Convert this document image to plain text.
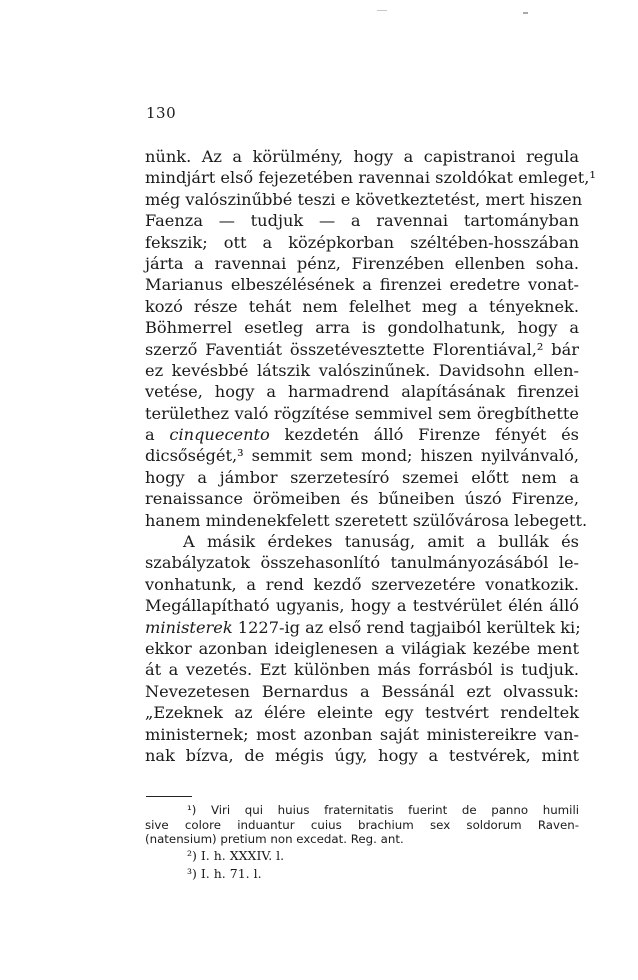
130
nünk. Az a körülmény, hogy a capistranoi regula
mindjárt első fejezetében ravennai szoldókat emleget,¹
még valószinűbbé teszi e következtetést, mert hiszen
Faenza — tudjuk — a ravennai tartományban
fekszik; ott a középkorban széltében-hosszában
járta a ravennai pénz, Firenzében ellenben soha.
Marianus elbeszélésének a firenzei eredetre vonat-
kozó része tehát nem felelhet meg a tényeknek.
Böhmerrel esetleg arra is gondolhatunk, hogy a
szerző Faventiát összetévesztette Florentiával,² bár
ez kevésbbé látszik valószinűnek. Davidsohn ellen-
vetése, hogy a harmadrend alapításának firenzei
területhez való rögzítése semmivel sem öregbíthette
a cinquecento kezdetén álló Firenze fényét és
dicsőségét,³ semmit sem mond; hiszen nyilvánvaló,
hogy a jámbor szerzetesíró szemei előtt nem a
renaissance örömeiben és bűneiben úszó Firenze,
hanem mindenekfelett szeretett szülővárosa lebegett.
A másik érdekes tanuság, amit a bullák és
szabályzatok összehasonlító tanulmányozásából le-
vonhatunk, a rend kezdő szervezetére vonatkozik.
Megállapítható ugyanis, hogy a testvérület élén álló
ministerek 1227-ig az első rend tagjaiból kerültek ki;
ekkor azonban ideiglenesen a világiak kezébe ment
át a vezetés. Ezt különben más forrásból is tudjuk.
Nevezetesen Bernardus a Bessánál ezt olvassuk:
„Ezeknek az élére eleinte egy testvért rendeltek
ministernek; most azonban saját ministereikre van-
nak bízva, de mégis úgy, hogy a testvérek, mint
¹) Viri qui huius fraternitatis fuerint de panno humili
sive colore induantur cuius brachium sex soldorum Raven-
(natensium) pretium non excedat. Reg. ant.
²) I. h. XXXIV. l.
³) I. h. 71. l.
